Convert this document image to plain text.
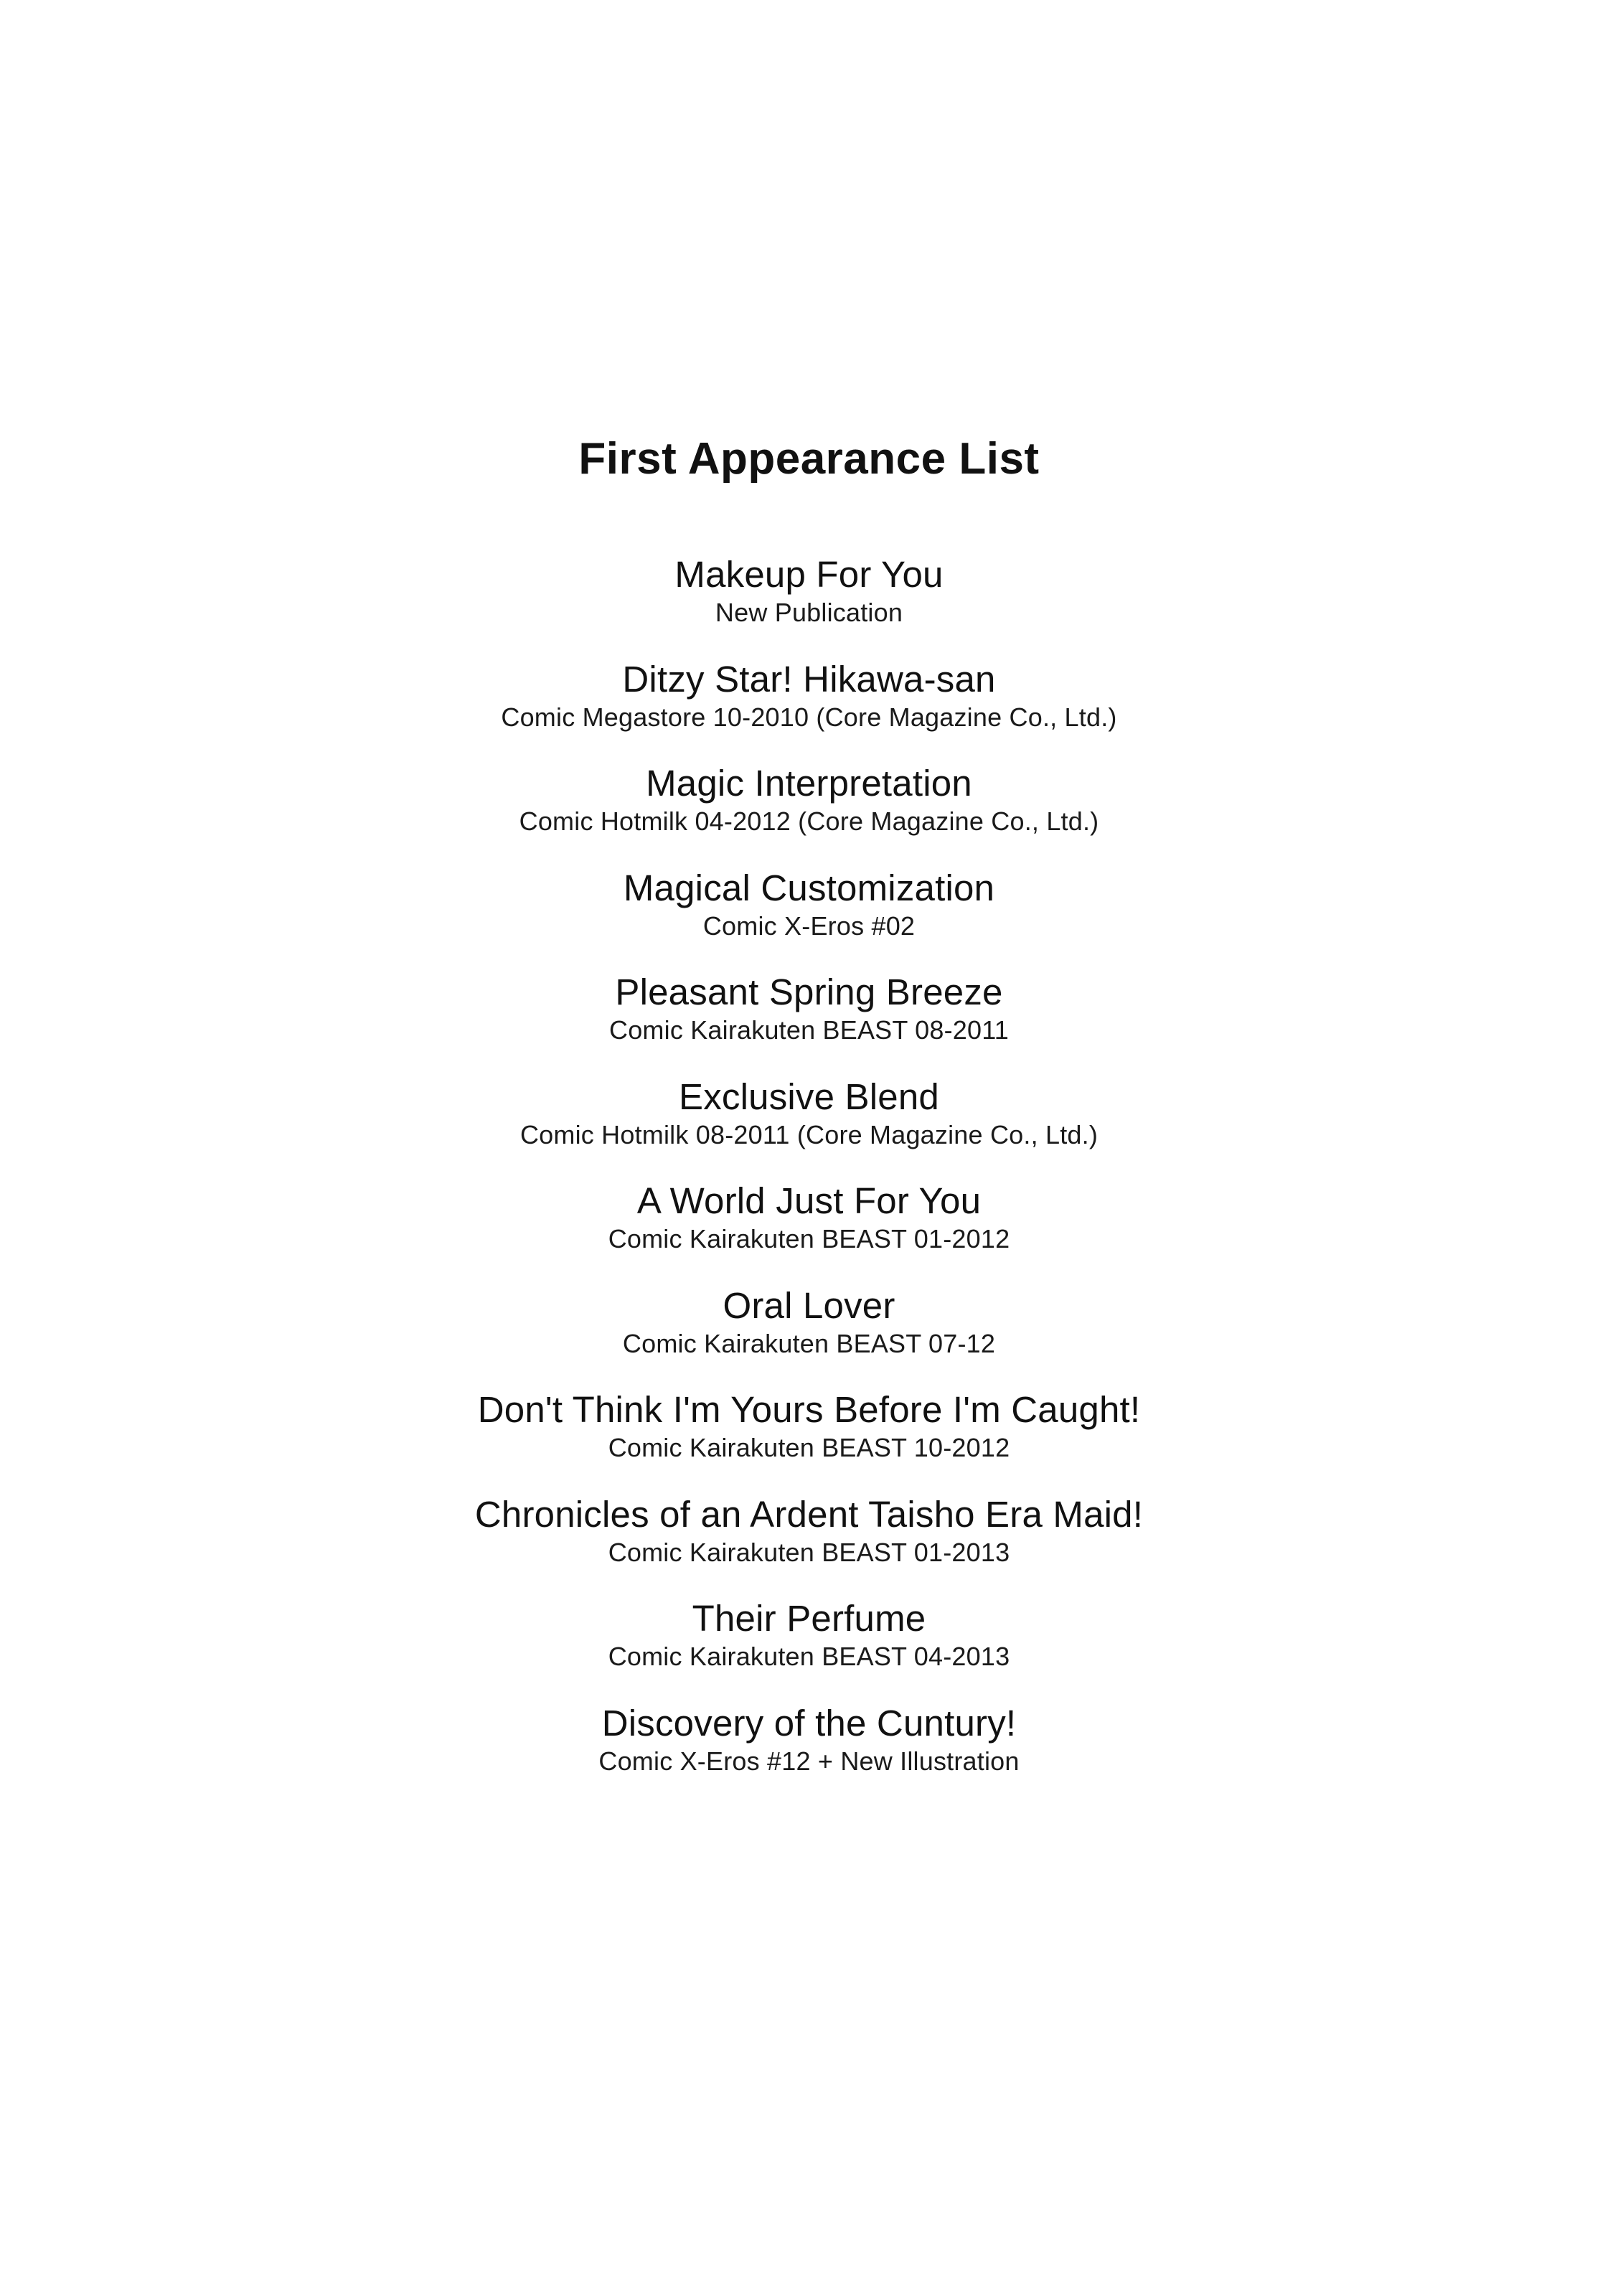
First Appearance List
Makeup For You
New Publication
Ditzy Star! Hikawa-san
Comic Megastore 10-2010 (Core Magazine Co., Ltd.)
Magic Interpretation
Comic Hotmilk 04-2012 (Core Magazine Co., Ltd.)
Magical Customization
Comic X-Eros #02
Pleasant Spring Breeze
Comic Kairakuten BEAST 08-2011
Exclusive Blend
Comic Hotmilk 08-2011 (Core Magazine Co., Ltd.)
A World Just For You
Comic Kairakuten BEAST 01-2012
Oral Lover
Comic Kairakuten BEAST 07-12
Don't Think I'm Yours Before I'm Caught!
Comic Kairakuten BEAST 10-2012
Chronicles of an Ardent Taisho Era Maid!
Comic Kairakuten BEAST 01-2013
Their Perfume
Comic Kairakuten BEAST 04-2013
Discovery of the Cuntury!
Comic X-Eros #12 + New Illustration
